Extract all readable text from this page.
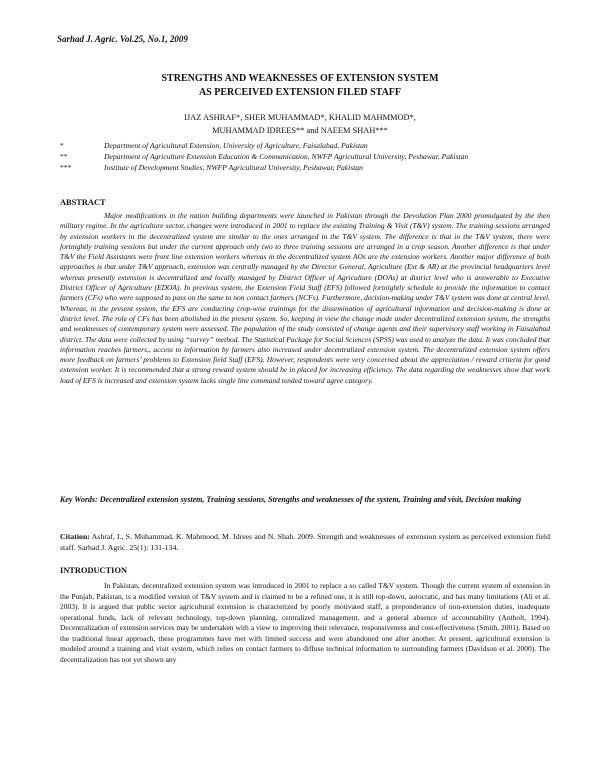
Sarhad J. Agric. Vol.25, No.1, 2009
STRENGTHS AND WEAKNESSES OF EXTENSION SYSTEM
AS PERCEIVED EXTENSION FILED STAFF
IJAZ ASHRAF*, SHER MUHAMMAD*, KHALID MAHMMOD*,
MUHAMMAD IDREES** and NAEEM SHAH***
*	Department of Agricultural Extension, University of Agriculture, Faisalabad, Pakistan
**	Department of Agriculture Extension Education & Communication, NWFP Agricultural University, Peshawar, Pakistan
***	Institute of Development Studies, NWFP Agricultural University, Peshawar, Pakistan
ABSTRACT

Major modifications in the nation building departments were launched in Pakistan through the Devolution Plan 2000 promulgated by the then military regime. In the agriculture sector, changes were introduced in 2001 to replace the existing Training & Visit (T&V) system. The training sessions arranged by extension workers in the decentralized system are similar to the ones arranged in the T&V system. The difference is that in the T&V system, there were fortnightly training sessions but under the current approach only two to three training sessions are arranged in a crop season. Another difference is that under T&V the Field Assistants were front line extension workers whereas in the decentralized system AOs are the extension workers. Another major difference of both approaches is that under T&V approach, extension was centrally managed by the Director General, Agriculture (Ext & AR) at the provincial headquarters level whereas presently extension is decentralized and locally managed by District Officer of Agriculture (DOAs) at district level who is answerable to Executive District Officer of Agriculture (EDOA). In previous system, the Extension Field Staff (EFS) followed fortnightly schedule to provide the information to contact farmers (CFs) who were supposed to pass on the same to non contact farmers (NCFs). Furthermore, decision-making under T&V system was done at central level. Whereas, in the present system, the EFS are conducting crop-wise trainings for the dissemination of agricultural information and decision-making is done at district level. The role of CFs has been abolished in the present system. So, keeping in view the change made under decentralized extension system, the strengths and weaknesses of contemporary system were assessed. The population of the study consisted of change agents and their supervisory staff working in Faisalabad district. The data were collected by using “survey” method. The Statistical Package for Social Sciences (SPSS) was used to analyze the data. It was concluded that information reaches farmers,, access to information by farmers also increased under decentralized extension system. The decentralized extension system offers more feedback on farmers’ problems to Extension field Staff (EFS). However, respondents were very concerned about the appreciation / reward criteria for good extension worker. It is recommended that a strong reward system should be in placed for increasing efficiency. The data regarding the weaknesses show that work load of EFS is increased and extension system lacks single line command tended toward agree category.

Key Words: Decentralized extension system, Training sessions, Strengths and weaknesses of the system, Training and visit, Decision making

Citation: Ashraf, I., S. Muhammad, K. Mahmood, M. Idrees and N. Shah. 2009. Strength and weaknesses of extension system as perceived extension field staff. Sarhad J. Agric. 25(1): 131-134.

INTRODUCTION

In Pakistan, decentralized extension system was introduced in 2001 to replace a so called T&V system. Though the current system of extension in the Punjab, Pakistan, is a modified version of T&V system and is claimed to be a refined one, it is still top-down, autocratic, and has many limitations (Ali et al. 2003). It is argued that public sector agricultural extension is characterized by poorly motivated staff, a preponderance of non-extension duties, inadequate operational funds, lack of relevant technology, top-down planning, centralized management, and a general absence of accountability (Antholt, 1994). Decentralization of extension services may be undertaken with a view to improving their relevance, responsiveness and cost-effectiveness (Smith, 2001). Based on the traditional linear approach, these programmes have met with limited success and were abandoned one after another. At present, agricultural extension is modeled around a training and visit system, which relies on contact farmers to diffuse technical information to surrounding farmers (Davidson et al. 2000). The decentralization has not yet shown any
